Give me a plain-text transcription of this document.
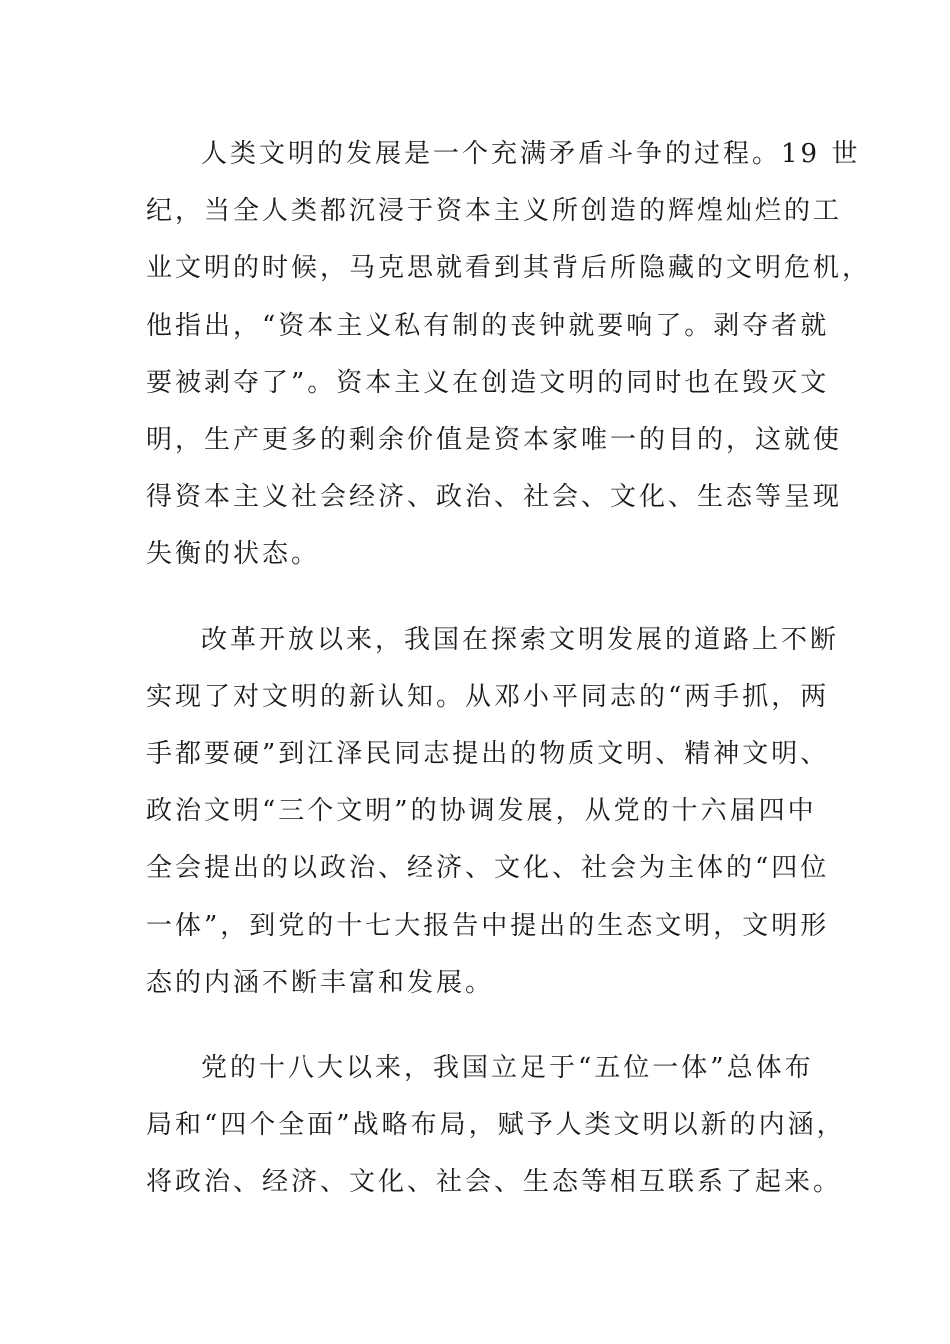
人类文明的发展是一个充满矛盾斗争的过程。19 世
纪，当全人类都沉浸于资本主义所创造的辉煌灿烂的工
业文明的时候，马克思就看到其背后所隐藏的文明危机，
他指出，“资本主义私有制的丧钟就要响了。剥夺者就
要被剥夺了”。资本主义在创造文明的同时也在毁灭文
明，生产更多的剩余价值是资本家唯一的目的，这就使
得资本主义社会经济、政治、社会、文化、生态等呈现
失衡的状态。

改革开放以来，我国在探索文明发展的道路上不断
实现了对文明的新认知。从邓小平同志的“两手抓，两
手都要硬”到江泽民同志提出的物质文明、精神文明、
政治文明“三个文明”的协调发展，从党的十六届四中
全会提出的以政治、经济、文化、社会为主体的“四位
一体”，到党的十七大报告中提出的生态文明，文明形
态的内涵不断丰富和发展。

党的十八大以来，我国立足于“五位一体”总体布
局和“四个全面”战略布局，赋予人类文明以新的内涵，
将政治、经济、文化、社会、生态等相互联系了起来。
